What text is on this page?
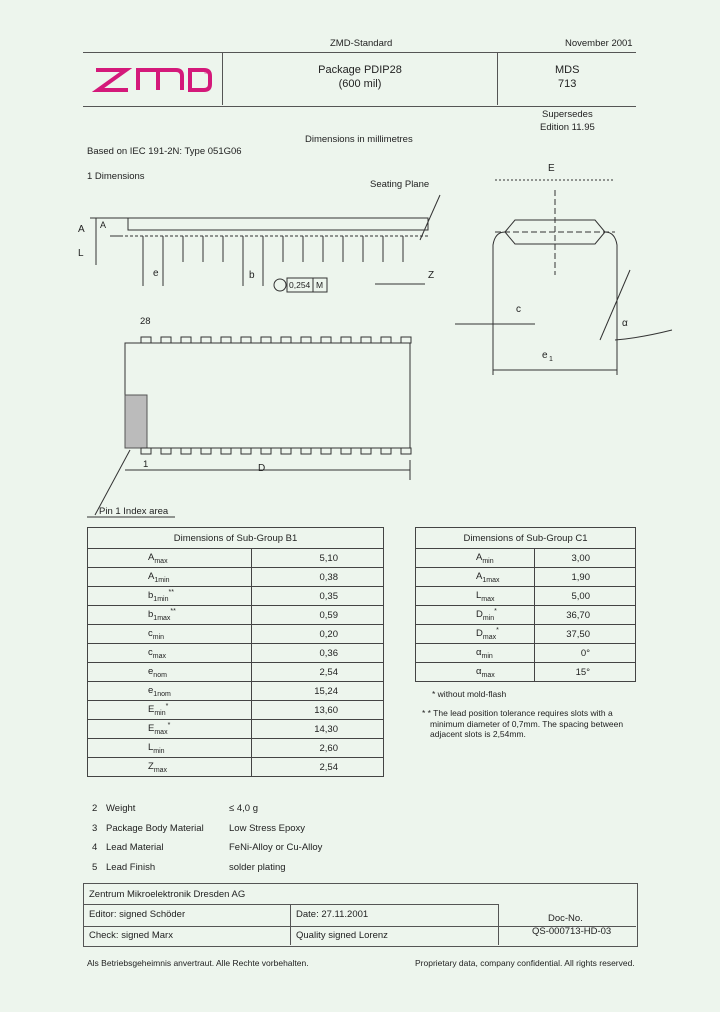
ZMD-Standard	November 2001
®	Package PDIP28
(600 mil)
MDS
713
Supersedes
Edition 11.95
Dimensions in millimetres
Based on IEC 191-2N: Type 051G06
1 Dimensions
Seating Plane
A A
L
e	b
0,254 M
Z
E
c
α
e 1
28
1	D
Pin 1 Index area
Dimensions of Sub-Group B1	
$A_{max}$	5,10
$A_{1min}$	0,38
$b_{1min}^{**}$	0,35
$b_{1max}^{**}$	0,59
$c_{min}$	0,20
$c_{max}$	0,36
$e_{nom}$	2,54
$e_{1nom}$	15,24
$E_{min}^*$	13,60
$E_{max}^*$	14,30
$L_{min}$	2,60
$Z_{max}$	2,54
Dimensions of Sub-Group C1	
$A_{min}$	3,00
$A_{1max}$	1,90
$L_{max}$	5,00
$D_{min}^*$	36,70
$D_{max}^*$	37,50
$\alpha_{min}$	0°
$\alpha_{max}$	15°
* without mold-flash
* * The lead position tolerance requires slots with a
minimum diameter of 0,7mm. The spacing between
adjacent slots is 2,54mm.
2 Weight	≤ 4,0 g
3 Package Body Material	Low Stress Epoxy
4 Lead Material	FeNi-Alloy or Cu-Alloy
5 Lead Finish	solder plating
Zentrum Mikroelektronik Dresden AG
Editor: signed Schöder	Date: 27.11.2001	Doc-No.
Check: signed Marx	Quality signed Lorenz	QS-000713-HD-03
Als Betriebsgeheimnis anvertraut. Alle Rechte vorbehalten.	Proprietary data, company confidential. All rights reserved.
